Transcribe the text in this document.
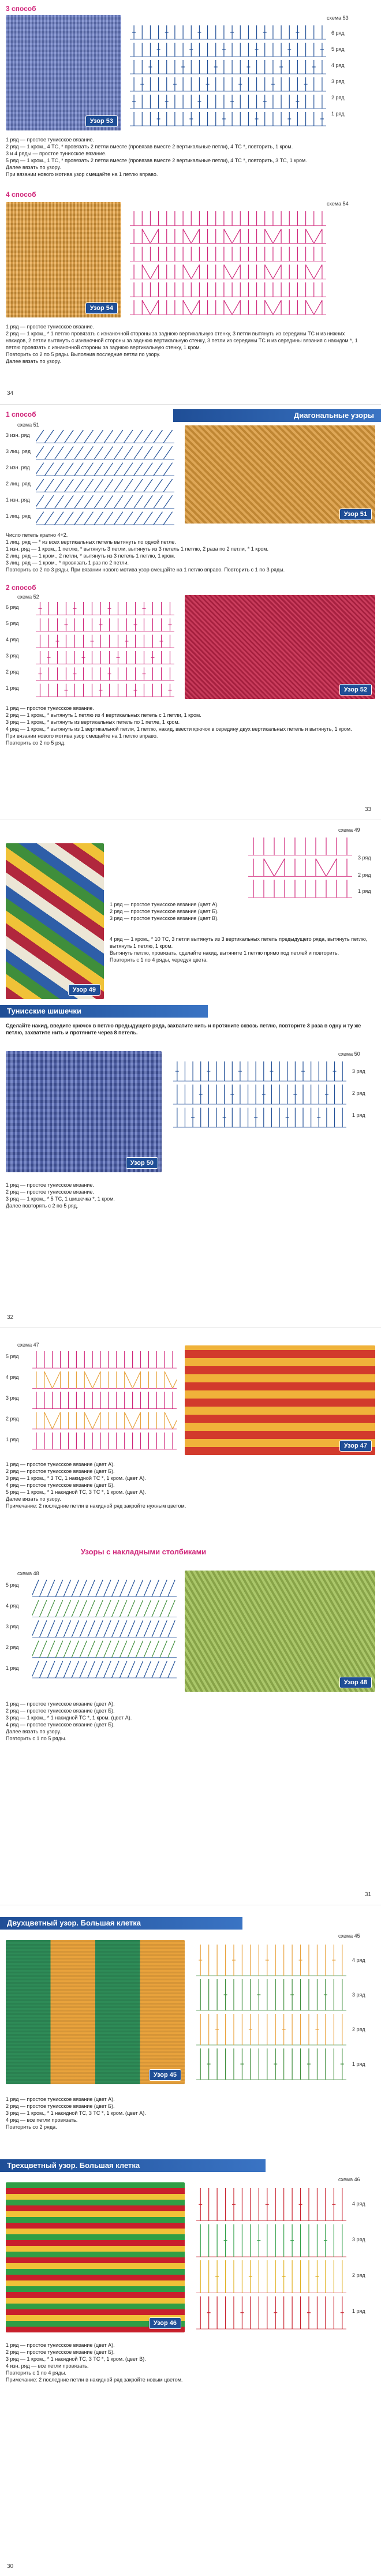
3 способ
Узор 53
схема 53
6 ряд
5 ряд
4 ряд
3 ряд
2 ряд
1 ряд

1 ряд — простое тунисское вязание.

2 ряд — 1 кром., 4 ТС, * провязать 2 петли вместе (провязав вместе 2 вертикальные петли), 4 ТС *, повторить, 1 кром.

3 и 4 ряды — простое тунисское вязание.

5 ряд — 1 кром., 1 ТС, * провязать 2 петли вместе (провязав вместе 2 вертикальные петли), 4 ТС *, повторить, 3 ТС, 1 кром.

Далее вязать по узору.

При вязании нового мотива узор смещайте на 1 петлю вправо.

4 способ
схема 54
Узор 54

1 ряд — простое тунисское вязание.

2 ряд — 1 кром., * 1 петлю провязать с изнаночной стороны за заднюю вертикальную стенку, 3 петли вытянуть из середины ТС и из нижних накидов, 2 петли вытянуть с изнаночной стороны за заднюю вертикальную стенку, 3 петли из середины ТС и из середины вязания с накидом *, 1 петлю провязать с изнаночной стороны за заднюю вертикальную стенку, 1 кром.

Повторить со 2 по 5 ряды. Выполнив последние петли по узору.

Далее вязать по узору.

34
1 способ	Диагональные узоры
схема 51
3 изн. ряд
3 лиц. ряд
2 изн. ряд
2 лиц. ряд
1 изн. ряд
1 лиц. ряд	Узор 51

Число петель кратно 4+2.

1 лиц. ряд — * из всех вертикальных петель вытянуть по одной петле.

1 изн. ряд — 1 кром., 1 петлю, * вытянуть 3 петли, вытянуть из 3 петель 1 петлю, 2 раза по 2 петли, * 1 кром.

2 лиц. ряд — 1 кром., 2 петли, * вытянуть из 3 петель 1 петлю, 1 кром.

3 лиц. ряд — 1 кром., * провязать 1 раз по 2 петли.

Повторить со 2 по 3 ряды. При вязании нового мотива узор смещайте на 1 петлю вправо. Повторить с 1 по 3 ряды.

2 способ
схема 52
6 ряд
5 ряд
4 ряд
3 ряд
2 ряд
1 ряд	Узор 52

1 ряд — простое тунисское вязание.

2 ряд — 1 кром., * вытянуть 1 петлю из 4 вертикальных петель с 1 петли, 1 кром.

3 ряд — 1 кром., * вытянуть из вертикальных петель по 1 петле, 1 кром.

4 ряд — 1 кром., * вытянуть из 1 вертикальной петли, 1 петлю, накид, ввести крючок в середину двух вертикальных петель и вытянуть, 1 кром.

При вязании нового мотива узор смещайте на 1 петлю вправо.

Повторить со 2 по 5 ряд.

33
Узор 49
схема 49
3 ряд
2 ряд
1 ряд

1 ряд — простое тунисское вязание (цвет А).

2 ряд — простое тунисское вязание (цвет Б).

3 ряд — простое тунисское вязание (цвет В).

4 ряд — 1 кром., * 10 ТС, 3 петли вытянуть из 3 вертикальных петель предыдущего ряда, вытянуть петлю, вытянуть 1 петлю, 1 кром.

Вытянуть петлю, провязать, сделайте накид, вытяните 1 петлю прямо под петлей и повторить.

Повторить с 1 по 4 ряды, чередуя цвета.

Тунисские шишечки
Сделайте накид, введите крючок в петлю предыдущего ряда, захватите нить и протяните сквозь петлю, повторите 3 раза в одну и ту же петлю, захватите нить и протяните через 8 петель.
Узор 50
схема 50
3 ряд
2 ряд
1 ряд

1 ряд — простое тунисское вязание.

2 ряд — простое тунисское вязание.

3 ряд — 1 кром., * 5 ТС, 1 шишечка *, 1 кром.

Далее повторять с 2 по 5 ряд.

32
схема 47
5 ряд
4 ряд
3 ряд
2 ряд
1 ряд
Узор 47

1 ряд — простое тунисское вязание (цвет А).

2 ряд — простое тунисское вязание (цвет Б).

3 ряд — 1 кром., * 3 ТС, 1 накидной ТС *, 1 кром. (цвет А).

4 ряд — простое тунисское вязание (цвет Б).

5 ряд — 1 кром., * 1 накидной ТС, 3 ТС *, 1 кром. (цвет А).

Далее вязать по узору.

Примечание: 2 последние петли в накидной ряд закройте нужным цветом.

Узоры с накладными столбиками
схема 48
5 ряд
4 ряд
3 ряд
2 ряд
1 ряд
Узор 48

1 ряд — простое тунисское вязание (цвет А).

2 ряд — простое тунисское вязание (цвет Б).

3 ряд — 1 кром., * 1 накидной ТС *, 1 кром. (цвет А).

4 ряд — простое тунисское вязание (цвет Б).

Далее вязать по узору.

Повторить с 1 по 5 ряды.

31
Двухцветный узор. Большая клетка
схема 45
Узор 45
4 ряд
3 ряд
2 ряд
1 ряд

1 ряд — простое тунисское вязание (цвет А).

2 ряд — простое тунисское вязание (цвет Б).

3 ряд — 1 кром., * 1 накидной ТС, 3 ТС *, 1 кром. (цвет А).

4 ряд — все петли провязать.

Повторить со 2 ряда.

Трехцветный узор. Большая клетка
схема 46
Узор 46
4 ряд
3 ряд
2 ряд
1 ряд

1 ряд — простое тунисское вязание (цвет А).

2 ряд — простое тунисское вязание (цвет Б).

3 ряд — 1 кром., * 1 накидной ТС, 3 ТС *, 1 кром. (цвет В).

4 изн. ряд — все петли провязать.

Повторить с 1 по 4 ряды.

Примечание: 2 последние петли в накидной ряд закройте новым цветом.

30
